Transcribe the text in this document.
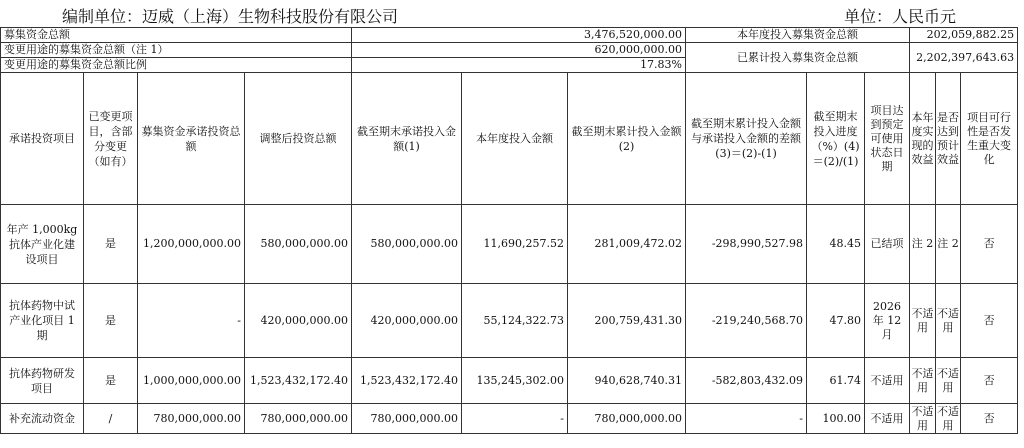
编制单位：迈威（上海）生物科技股份有限公司	单位：人民币元
募集资金总额				3,476,520,000.00			本年度投入募集资金总额			202,059,882.25		
变更用途的募集资金总额（注 1）				620,000,000.00			已累计投入募集资金总额			2,202,397,643.63		
变更用途的募集资金总额比例				17.83%								
承诺投资项目	已变更项目，含部分变更（如有）	募集资金承诺投资总额	调整后投资总额	截至期末承诺投入金额(1)	本年度投入金额	截至期末累计投入金额(2)	截至期末累计投入金额与承诺投入金额的差额(3)＝(2)-(1)	截至期末投入进度（%）(4)＝(2)/(1)	项目达到预定可使用状态日期	本年度实现的效益	是否达到预计效益	项目可行性是否发生重大变化
年产 1,000kg 抗体产业化建设项目	是	1,200,000,000.00	580,000,000.00	580,000,000.00	11,690,257.52	281,009,472.02	-298,990,527.98	48.45	已结项	注 2	注 2	否
抗体药物中试产业化项目 1 期	是	-	420,000,000.00	420,000,000.00	55,124,322.73	200,759,431.30	-219,240,568.70	47.80	2026 年 12 月	不适用	不适用	否
抗体药物研发项目	是	1,000,000,000.00	1,523,432,172.40	1,523,432,172.40	135,245,302.00	940,628,740.31	-582,803,432.09	61.74	不适用	不适用	不适用	否
补充流动资金	/	780,000,000.00	780,000,000.00	780,000,000.00	-	780,000,000.00	-	100.00	不适用	不适用	不适用	否
